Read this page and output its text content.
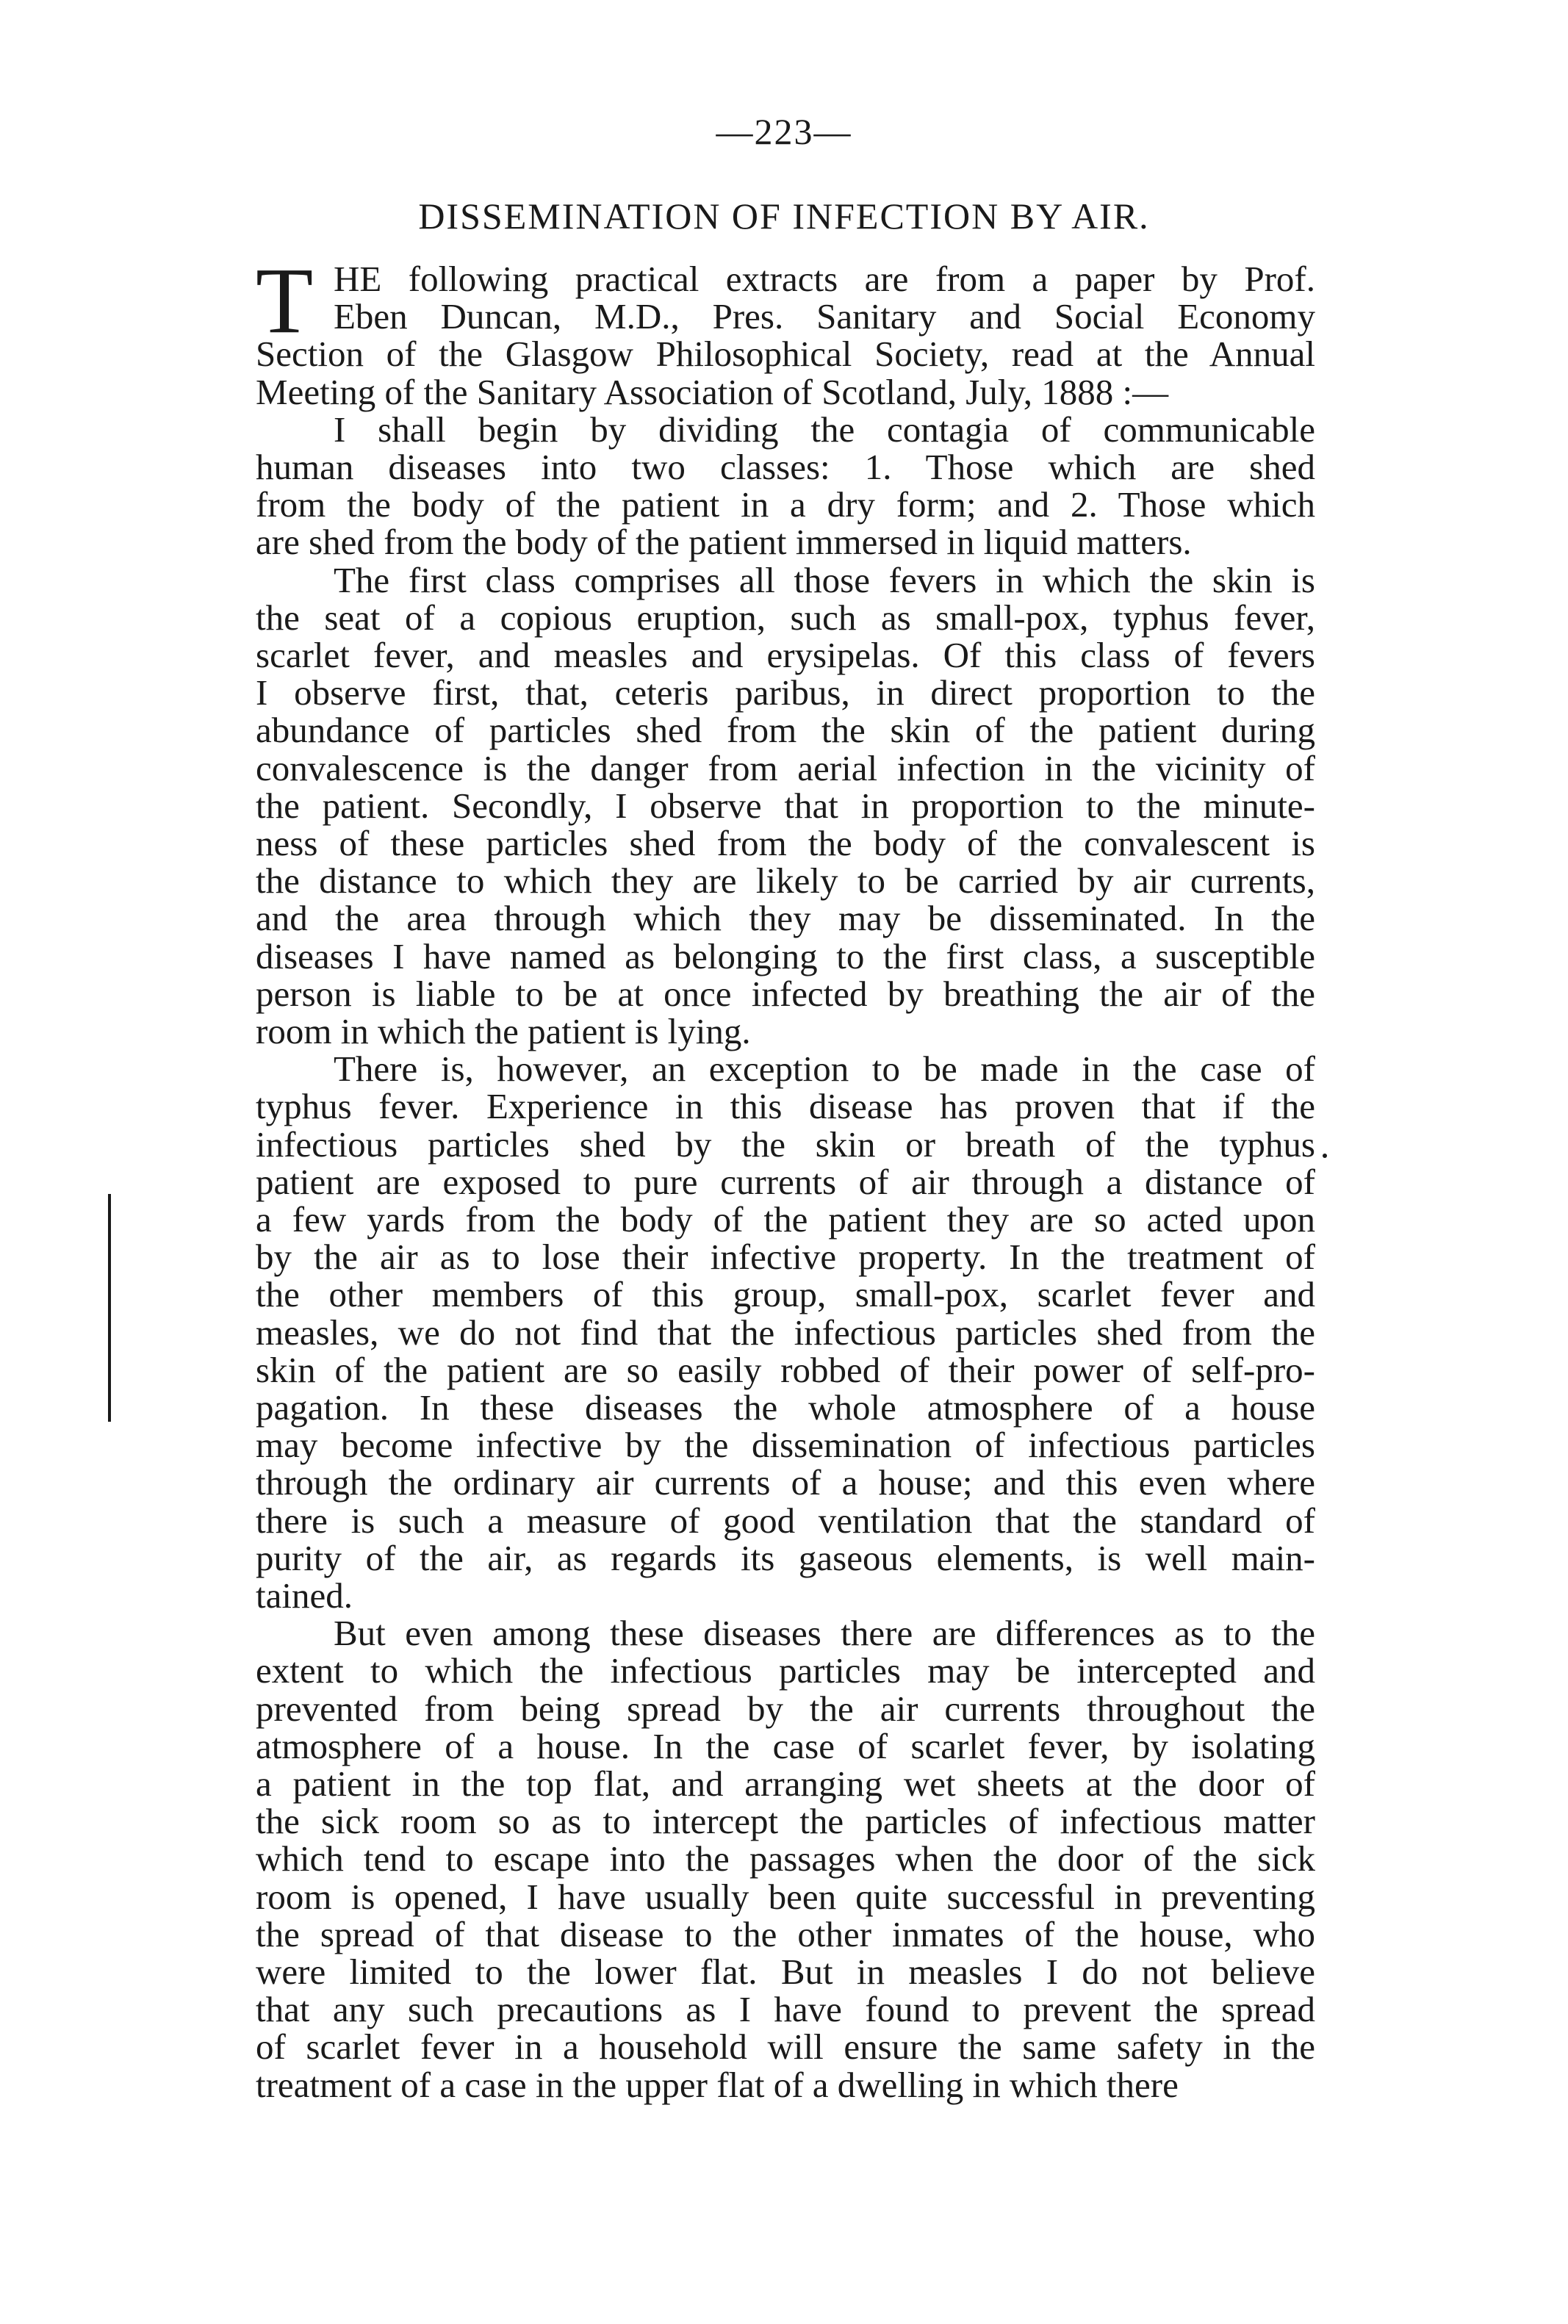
—223—
DISSEMINATION OF INFECTION BY AIR.
T HE following practical extracts are from a paper by Prof.
Eben Duncan, M.D., Pres. Sanitary and Social Economy
Section of the Glasgow Philosophical Society, read at the Annual
Meeting of the Sanitary Association of Scotland, July, 1888 :—
I shall begin by dividing the contagia of communicable
human diseases into two classes: 1. Those which are shed
from the body of the patient in a dry form; and 2. Those which
are shed from the body of the patient immersed in liquid matters.
The first class comprises all those fevers in which the skin is
the seat of a copious eruption, such as small-pox, typhus fever,
scarlet fever, and measles and erysipelas. Of this class of fevers
I observe first, that, ceteris paribus, in direct proportion to the
abundance of particles shed from the skin of the patient during
convalescence is the danger from aerial infection in the vicinity of
the patient. Secondly, I observe that in proportion to the minute-
ness of these particles shed from the body of the convalescent is
the distance to which they are likely to be carried by air currents,
and the area through which they may be disseminated. In the
diseases I have named as belonging to the first class, a susceptible
person is liable to be at once infected by breathing the air of the
room in which the patient is lying.
There is, however, an exception to be made in the case of
typhus fever. Experience in this disease has proven that if the
infectious particles shed by the skin or breath of the typhus
patient are exposed to pure currents of air through a distance of
a few yards from the body of the patient they are so acted upon
by the air as to lose their infective property. In the treatment of
the other members of this group, small-pox, scarlet fever and
measles, we do not find that the infectious particles shed from the
skin of the patient are so easily robbed of their power of self-pro-
pagation. In these diseases the whole atmosphere of a house
may become infective by the dissemination of infectious particles
through the ordinary air currents of a house; and this even where
there is such a measure of good ventilation that the standard of
purity of the air, as regards its gaseous elements, is well main-
tained.
But even among these diseases there are differences as to the
extent to which the infectious particles may be intercepted and
prevented from being spread by the air currents throughout the
atmosphere of a house. In the case of scarlet fever, by isolating
a patient in the top flat, and arranging wet sheets at the door of
the sick room so as to intercept the particles of infectious matter
which tend to escape into the passages when the door of the sick
room is opened, I have usually been quite successful in preventing
the spread of that disease to the other inmates of the house, who
were limited to the lower flat. But in measles I do not believe
that any such precautions as I have found to prevent the spread
of scarlet fever in a household will ensure the same safety in the
treatment of a case in the upper flat of a dwelling in which there
